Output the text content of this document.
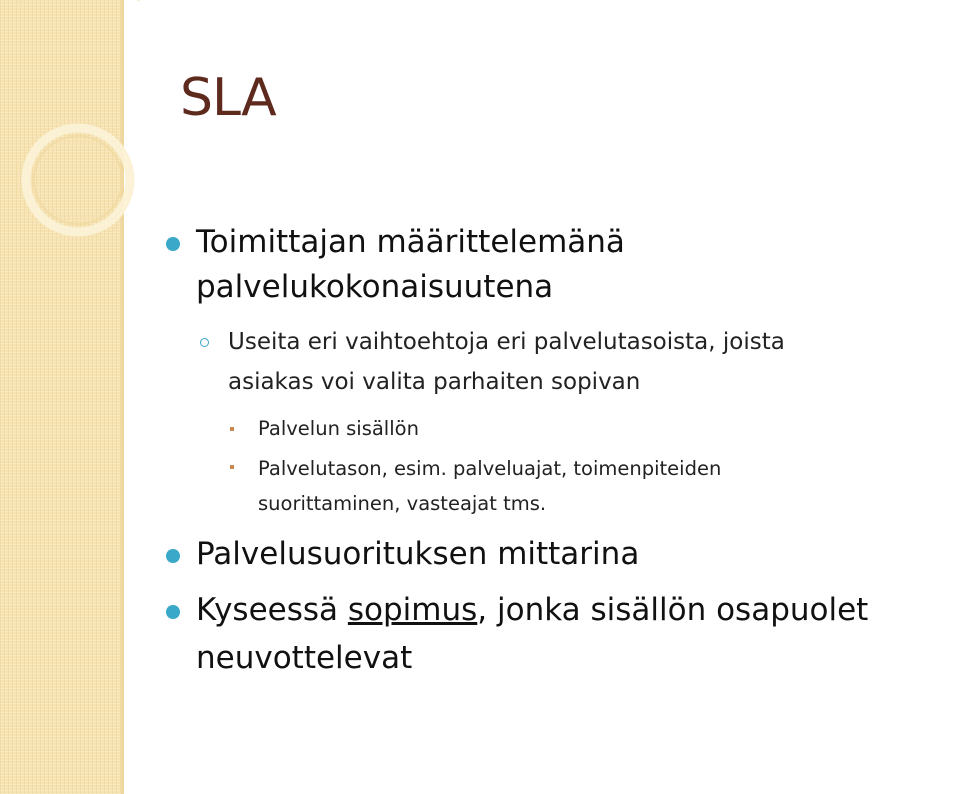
SLA

Toimittajan määrittelemänä

palvelukokonaisuutena

Useita eri vaihtoehtoja eri palvelutasoista, joista

asiakas voi valita parhaiten sopivan

Palvelun sisällön

Palvelutason, esim. palveluajat, toimenpiteiden

suorittaminen, vasteajat tms.

Palvelusuorituksen mittarina

Kyseessä sopimus, jonka sisällön osapuolet

neuvottelevat
